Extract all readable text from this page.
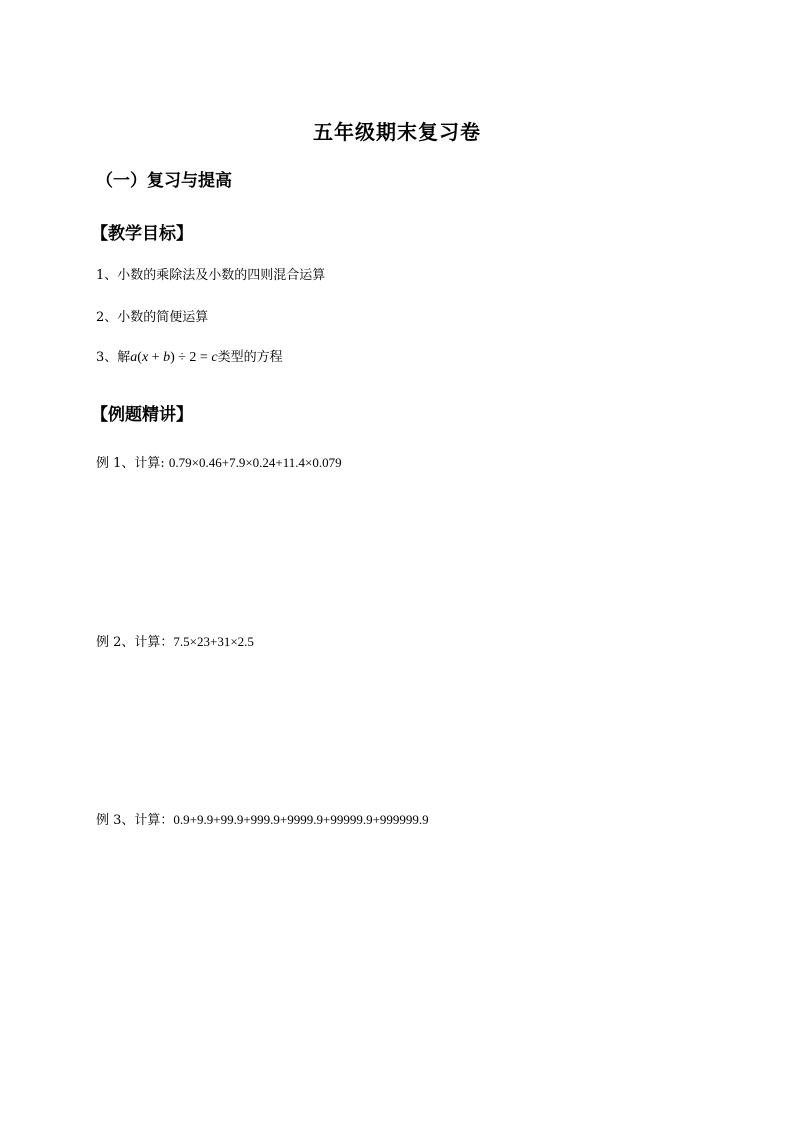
五年级期末复习卷
（一）复习与提高
【教学目标】

1、小数的乘除法及小数的四则混合运算

2、小数的简便运算

3、解a(x + b) ÷ 2 = c类型的方程

【例题精讲】

例 1、计算: 0.79×0.46+7.9×0.24+11.4×0.079

例 2、计算：7.5×23+31×2.5

例 3、计算：0.9+9.9+99.9+999.9+9999.9+99999.9+999999.9
